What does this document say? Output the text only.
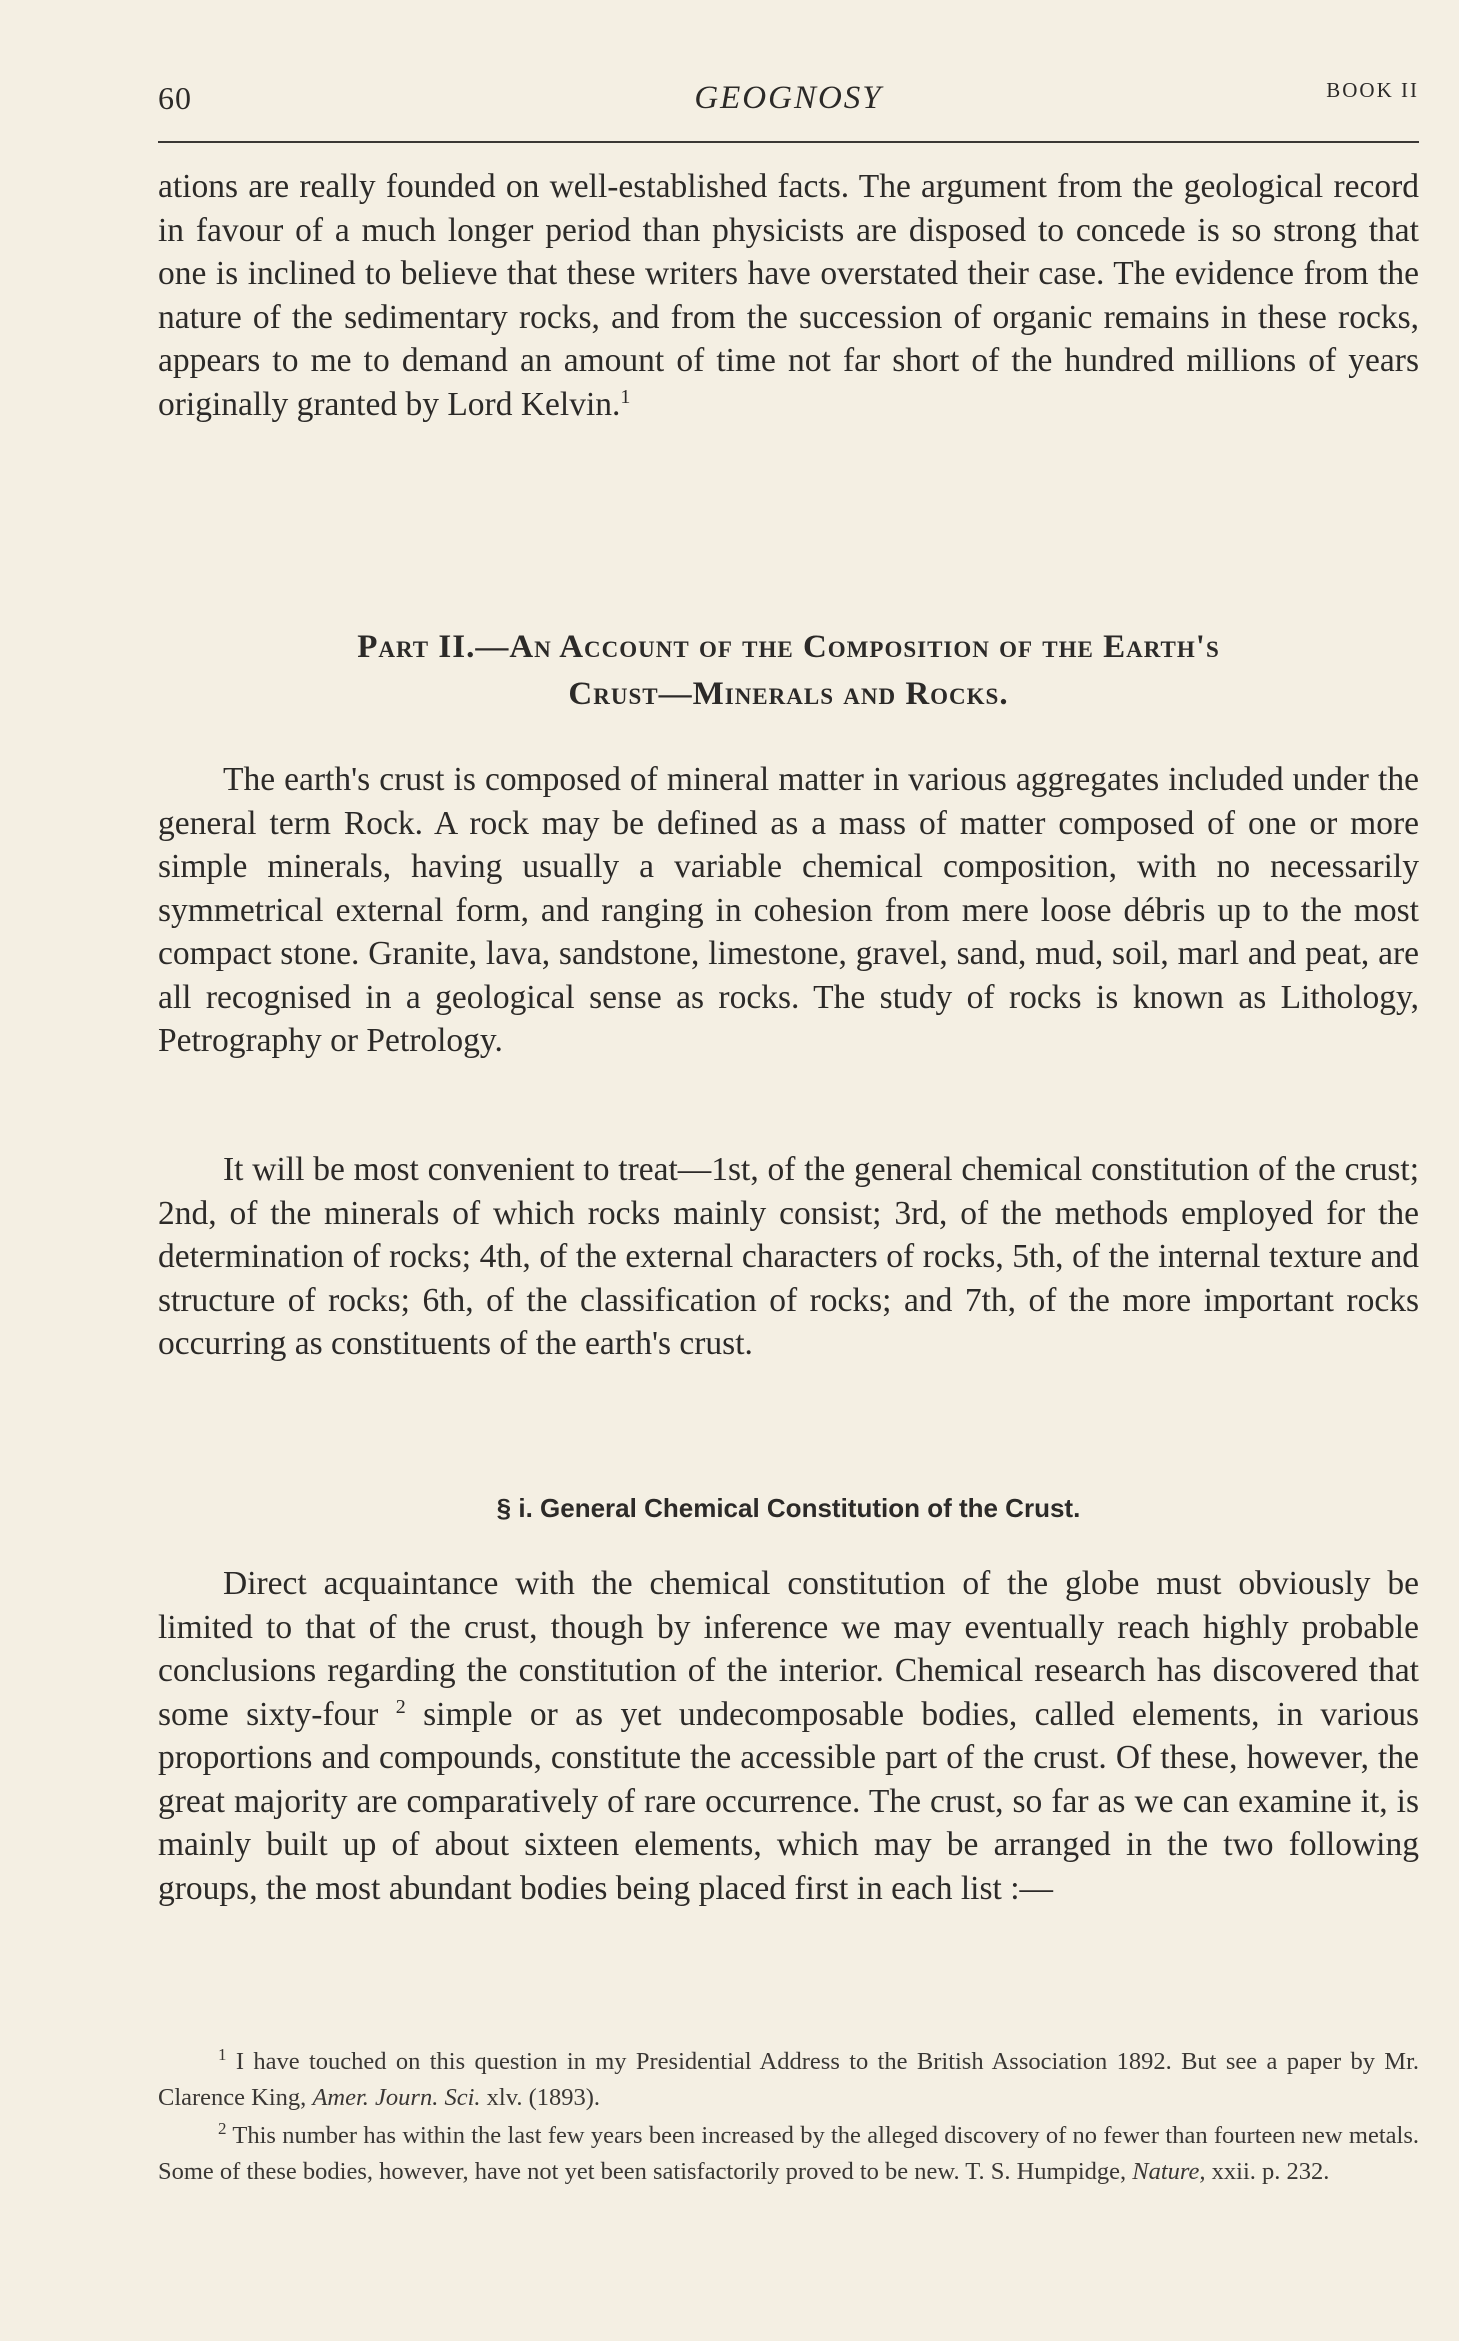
60	GEOGNOSY	BOOK II

ations are really founded on well-established facts. The argument from the geological record in favour of a much longer period than physicists are disposed to concede is so strong that one is inclined to believe that these writers have overstated their case. The evidence from the nature of the sedimentary rocks, and from the succession of organic remains in these rocks, appears to me to demand an amount of time not far short of the hundred millions of years originally granted by Lord Kelvin.$^1$

Part II.—An Account of the Composition of the Earth's
Crust—Minerals and Rocks.

The earth's crust is composed of mineral matter in various aggregates included under the general term Rock. A rock may be defined as a mass of matter composed of one or more simple minerals, having usually a variable chemical composition, with no necessarily symmetrical external form, and ranging in cohesion from mere loose débris up to the most compact stone. Granite, lava, sandstone, limestone, gravel, sand, mud, soil, marl and peat, are all recognised in a geological sense as rocks. The study of rocks is known as Lithology, Petrography or Petrology.

It will be most convenient to treat—1st, of the general chemical constitution of the crust; 2nd, of the minerals of which rocks mainly consist; 3rd, of the methods employed for the determination of rocks; 4th, of the external characters of rocks, 5th, of the internal texture and structure of rocks; 6th, of the classification of rocks; and 7th, of the more important rocks occurring as constituents of the earth's crust.

§ i. General Chemical Constitution of the Crust.

Direct acquaintance with the chemical constitution of the globe must obviously be limited to that of the crust, though by inference we may eventually reach highly probable conclusions regarding the constitution of the interior. Chemical research has discovered that some sixty-four $^2$ simple or as yet undecomposable bodies, called elements, in various proportions and compounds, constitute the accessible part of the crust. Of these, however, the great majority are comparatively of rare occurrence. The crust, so far as we can examine it, is mainly built up of about sixteen elements, which may be arranged in the two following groups, the most abundant bodies being placed first in each list :—

$^1$ I have touched on this question in my Presidential Address to the British Association 1892. But see a paper by Mr. Clarence King, Amer. Journ. Sci. xlv. (1893).

$^2$ This number has within the last few years been increased by the alleged discovery of no fewer than fourteen new metals. Some of these bodies, however, have not yet been satisfactorily proved to be new. T. S. Humpidge, Nature, xxii. p. 232.
